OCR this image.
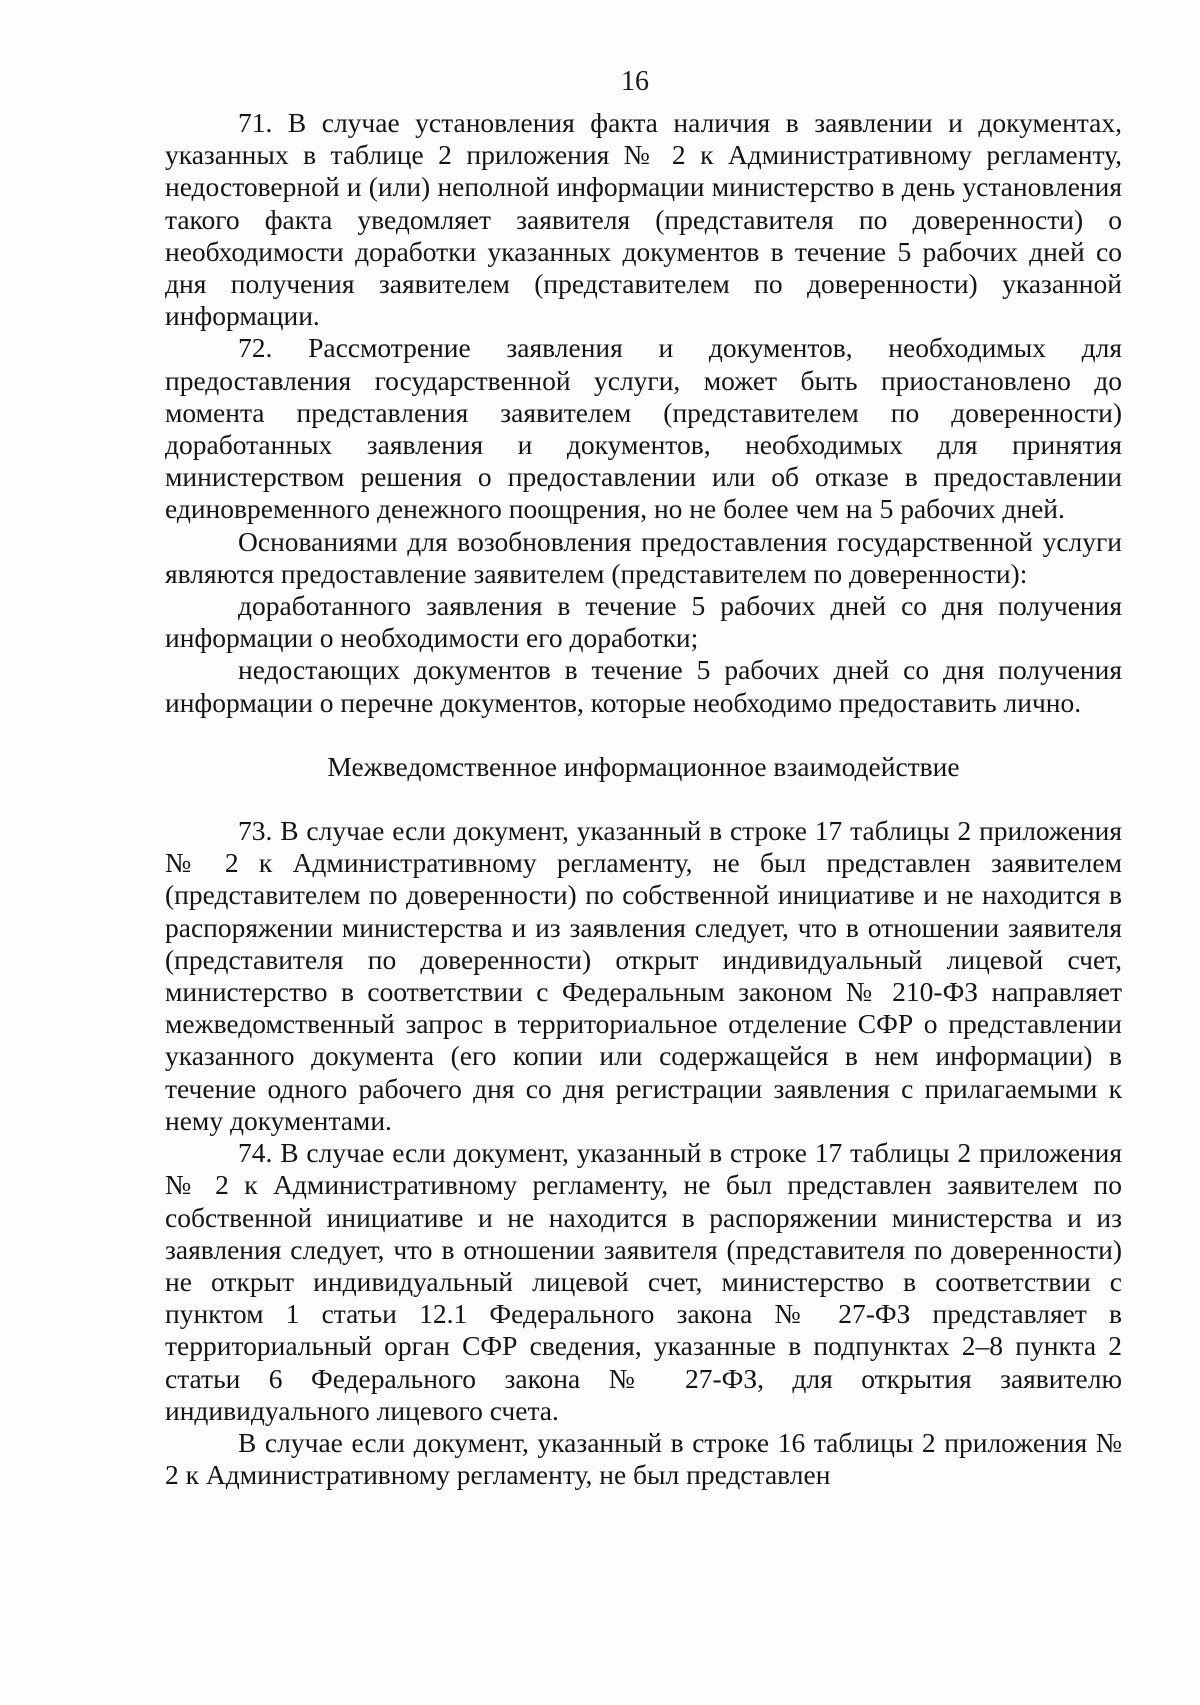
16

71. В случае установления факта наличия в заявлении и документах, указанных в таблице 2 приложения № 2 к Административному регламенту, недостоверной и (или) неполной информации министерство в день установления такого факта уведомляет заявителя (представителя по доверенности) о необходимости доработки указанных документов в течение 5 рабочих дней со дня получения заявителем (представителем по доверенности) указанной информации.

72. Рассмотрение заявления и документов, необходимых для предоставления государственной услуги, может быть приостановлено до момента представления заявителем (представителем по доверенности) доработанных заявления и документов, необходимых для принятия министерством решения о предоставлении или об отказе в предоставлении единовременного денежного поощрения, но не более чем на 5 рабочих дней.

Основаниями для возобновления предоставления государственной услуги являются предоставление заявителем (представителем по доверенности):

доработанного заявления в течение 5 рабочих дней со дня получения информации о необходимости его доработки;

недостающих документов в течение 5 рабочих дней со дня получения информации о перечне документов, которые необходимо предоставить лично.

Межведомственное информационное взаимодействие

73. В случае если документ, указанный в строке 17 таблицы 2 приложения № 2 к Административному регламенту, не был представлен заявителем (представителем по доверенности) по собственной инициативе и не находится в распоряжении министерства и из заявления следует, что в отношении заявителя (представителя по доверенности) открыт индивидуальный лицевой счет, министерство в соответствии с Федеральным законом № 210-ФЗ направляет межведомственный запрос в территориальное отделение СФР о представлении указанного документа (его копии или содержащейся в нем информации) в течение одного рабочего дня со дня регистрации заявления с прилагаемыми к нему документами.

74. В случае если документ, указанный в строке 17 таблицы 2 приложения № 2 к Административному регламенту, не был представлен заявителем по собственной инициативе и не находится в распоряжении министерства и из заявления следует, что в отношении заявителя (представителя по доверенности) не открыт индивидуальный лицевой счет, министерство в соответствии с пунктом 1 статьи 12.1 Федерального закона № 27-ФЗ представляет в территориальный орган СФР сведения, указанные в подпунктах 2–8 пункта 2 статьи 6 Федерального закона № 27-ФЗ, для открытия заявителю индивидуального лицевого счета.

В случае если документ, указанный в строке 16 таблицы 2 приложения № 2 к Административному регламенту, не был представлен
